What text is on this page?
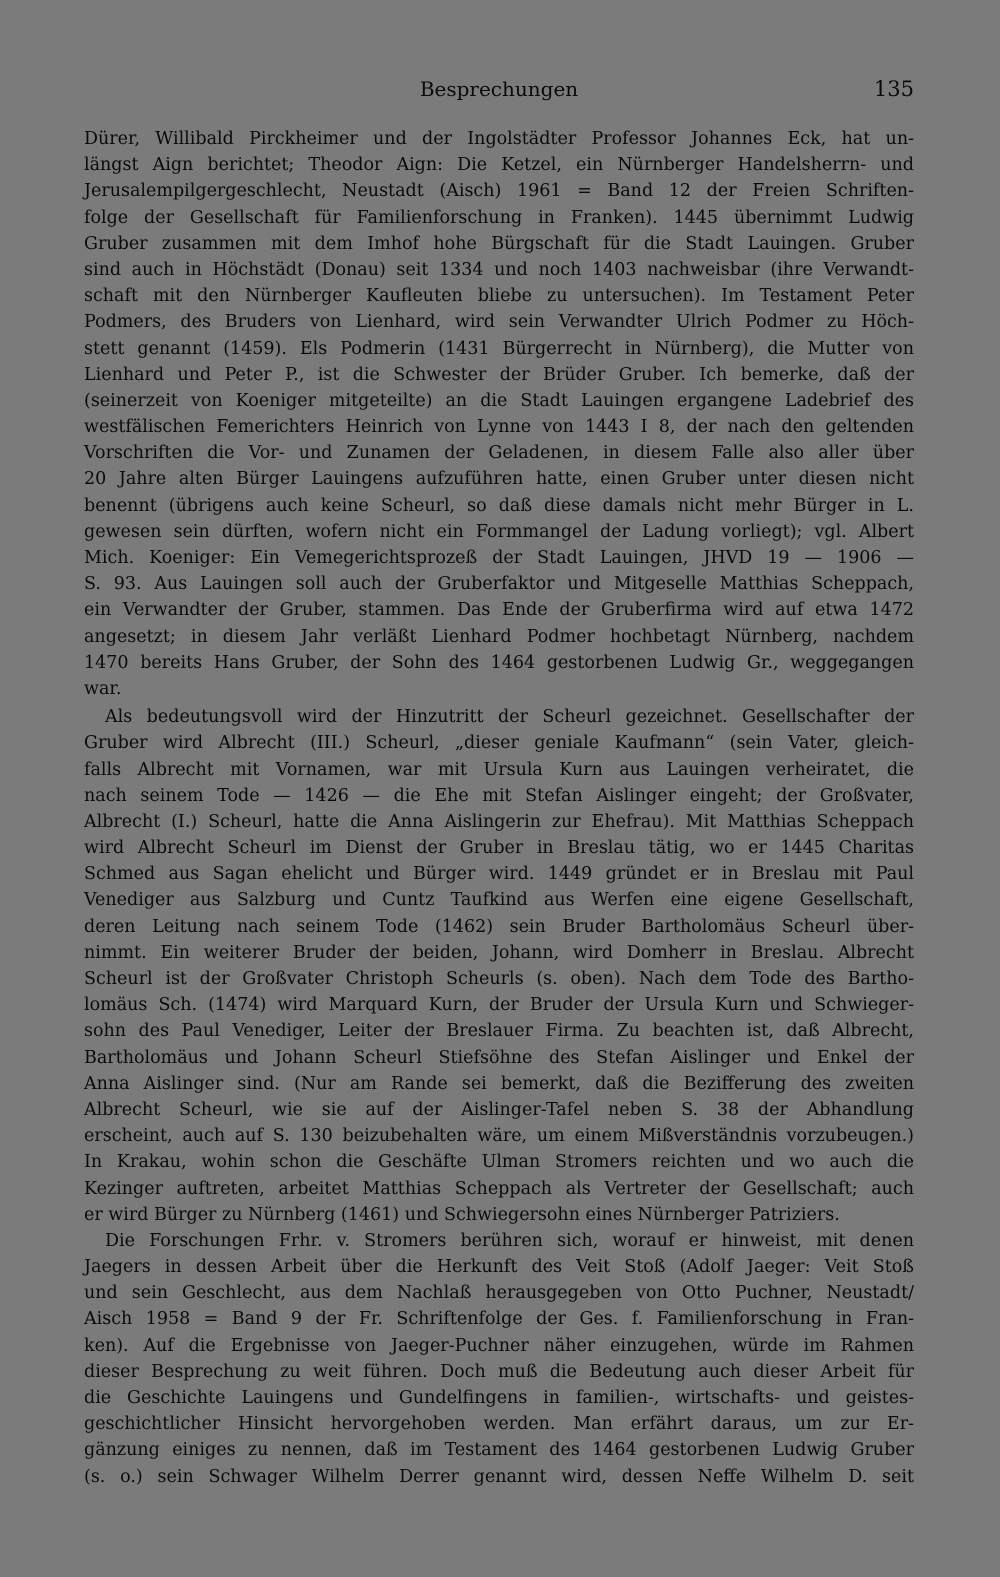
Besprechungen	135
Dürer, Willibald Pirckheimer und der Ingolstädter Professor Johannes Eck, hat un-
längst Aign berichtet; Theodor Aign: Die Ketzel, ein Nürnberger Handelsherrn- und
Jerusalempilgergeschlecht, Neustadt (Aisch) 1961 = Band 12 der Freien Schriften-
folge der Gesellschaft für Familienforschung in Franken). 1445 übernimmt Ludwig
Gruber zusammen mit dem Imhof hohe Bürgschaft für die Stadt Lauingen. Gruber
sind auch in Höchstädt (Donau) seit 1334 und noch 1403 nachweisbar (ihre Verwandt-
schaft mit den Nürnberger Kaufleuten bliebe zu untersuchen). Im Testament Peter
Podmers, des Bruders von Lienhard, wird sein Verwandter Ulrich Podmer zu Höch-
stett genannt (1459). Els Podmerin (1431 Bürgerrecht in Nürnberg), die Mutter von
Lienhard und Peter P., ist die Schwester der Brüder Gruber. Ich bemerke, daß der
(seinerzeit von Koeniger mitgeteilte) an die Stadt Lauingen ergangene Ladebrief des
westfälischen Femerichters Heinrich von Lynne von 1443 I 8, der nach den geltenden
Vorschriften die Vor- und Zunamen der Geladenen, in diesem Falle also aller über
20 Jahre alten Bürger Lauingens aufzuführen hatte, einen Gruber unter diesen nicht
benennt (übrigens auch keine Scheurl, so daß diese damals nicht mehr Bürger in L.
gewesen sein dürften, wofern nicht ein Formmangel der Ladung vorliegt); vgl. Albert
Mich. Koeniger: Ein Vemegerichtsprozeß der Stadt Lauingen, JHVD 19 — 1906 —
S. 93. Aus Lauingen soll auch der Gruberfaktor und Mitgeselle Matthias Scheppach,
ein Verwandter der Gruber, stammen. Das Ende der Gruberfirma wird auf etwa 1472
angesetzt; in diesem Jahr verläßt Lienhard Podmer hochbetagt Nürnberg, nachdem
1470 bereits Hans Gruber, der Sohn des 1464 gestorbenen Ludwig Gr., weggegangen
war.
Als bedeutungsvoll wird der Hinzutritt der Scheurl gezeichnet. Gesellschafter der
Gruber wird Albrecht (III.) Scheurl, „dieser geniale Kaufmann“ (sein Vater, gleich-
falls Albrecht mit Vornamen, war mit Ursula Kurn aus Lauingen verheiratet, die
nach seinem Tode — 1426 — die Ehe mit Stefan Aislinger eingeht; der Großvater,
Albrecht (I.) Scheurl, hatte die Anna Aislingerin zur Ehefrau). Mit Matthias Scheppach
wird Albrecht Scheurl im Dienst der Gruber in Breslau tätig, wo er 1445 Charitas
Schmed aus Sagan ehelicht und Bürger wird. 1449 gründet er in Breslau mit Paul
Venediger aus Salzburg und Cuntz Taufkind aus Werfen eine eigene Gesellschaft,
deren Leitung nach seinem Tode (1462) sein Bruder Bartholomäus Scheurl über-
nimmt. Ein weiterer Bruder der beiden, Johann, wird Domherr in Breslau. Albrecht
Scheurl ist der Großvater Christoph Scheurls (s. oben). Nach dem Tode des Bartho-
lomäus Sch. (1474) wird Marquard Kurn, der Bruder der Ursula Kurn und Schwieger-
sohn des Paul Venediger, Leiter der Breslauer Firma. Zu beachten ist, daß Albrecht,
Bartholomäus und Johann Scheurl Stiefsöhne des Stefan Aislinger und Enkel der
Anna Aislinger sind. (Nur am Rande sei bemerkt, daß die Bezifferung des zweiten
Albrecht Scheurl, wie sie auf der Aislinger-Tafel neben S. 38 der Abhandlung
erscheint, auch auf S. 130 beizubehalten wäre, um einem Mißverständnis vorzubeugen.)
In Krakau, wohin schon die Geschäfte Ulman Stromers reichten und wo auch die
Kezinger auftreten, arbeitet Matthias Scheppach als Vertreter der Gesellschaft; auch
er wird Bürger zu Nürnberg (1461) und Schwiegersohn eines Nürnberger Patriziers.
Die Forschungen Frhr. v. Stromers berühren sich, worauf er hinweist, mit denen
Jaegers in dessen Arbeit über die Herkunft des Veit Stoß (Adolf Jaeger: Veit Stoß
und sein Geschlecht, aus dem Nachlaß herausgegeben von Otto Puchner, Neustadt/
Aisch 1958 = Band 9 der Fr. Schriftenfolge der Ges. f. Familienforschung in Fran-
ken). Auf die Ergebnisse von Jaeger-Puchner näher einzugehen, würde im Rahmen
dieser Besprechung zu weit führen. Doch muß die Bedeutung auch dieser Arbeit für
die Geschichte Lauingens und Gundelfingens in familien-, wirtschafts- und geistes-
geschichtlicher Hinsicht hervorgehoben werden. Man erfährt daraus, um zur Er-
gänzung einiges zu nennen, daß im Testament des 1464 gestorbenen Ludwig Gruber
(s. o.) sein Schwager Wilhelm Derrer genannt wird, dessen Neffe Wilhelm D. seit
